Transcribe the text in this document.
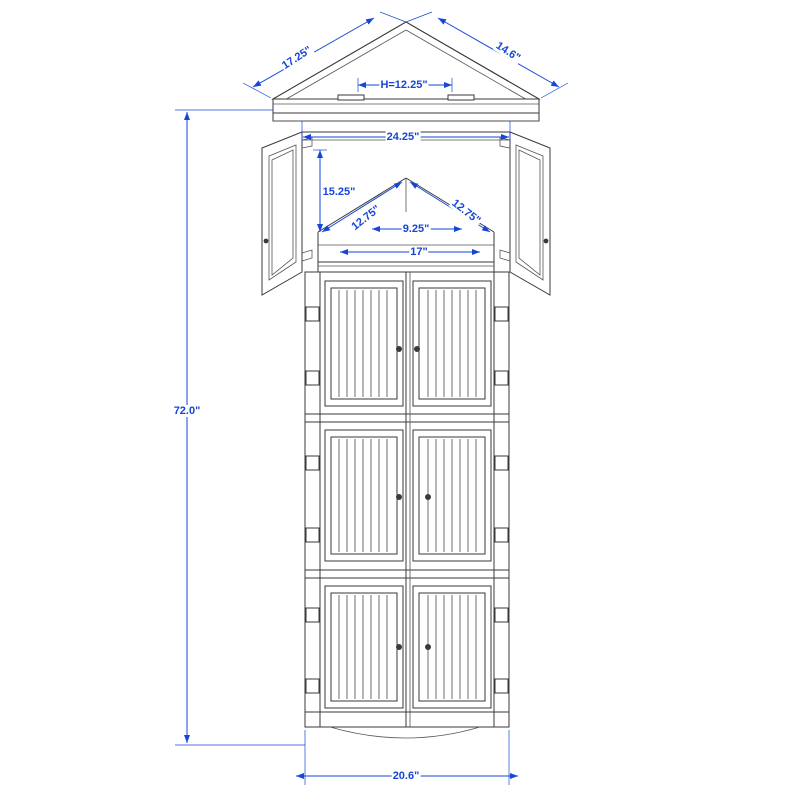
17.25"	14.6"
H=12.25"
24.25"
15.25"
12.75"	12.75"
9.25"
17"
72.0"
20.6"
